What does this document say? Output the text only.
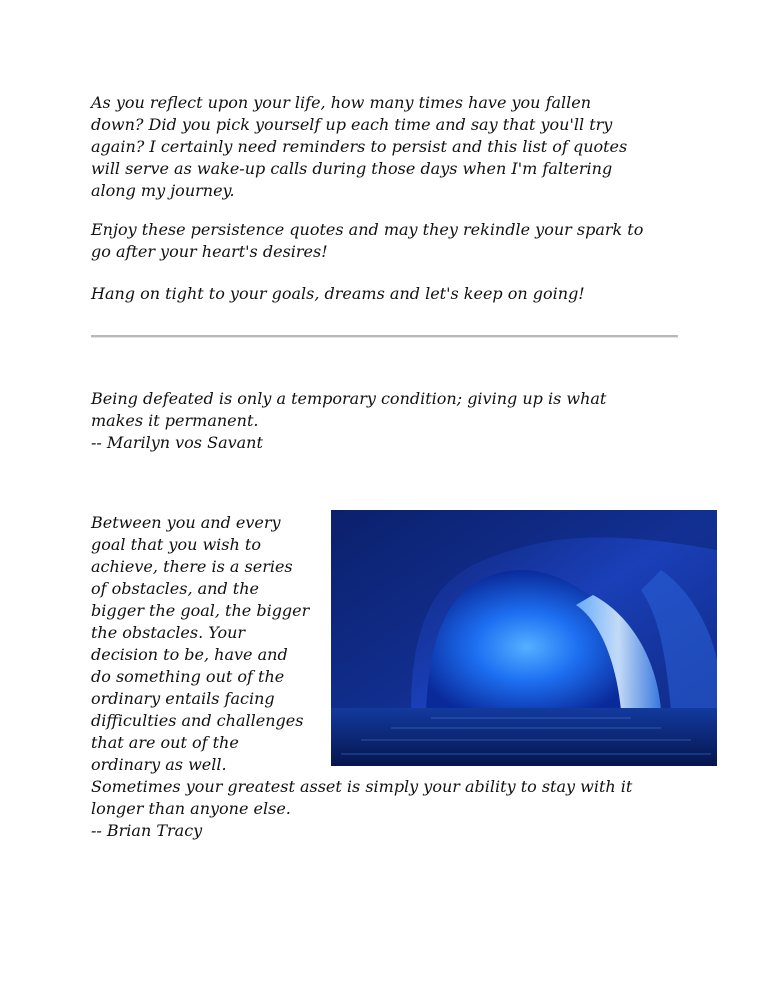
As you reflect upon your life, how many times have you fallen
down? Did you pick yourself up each time and say that you'll try
again? I certainly need reminders to persist and this list of quotes
will serve as wake-up calls during those days when I'm faltering
along my journey.

Enjoy these persistence quotes and may they rekindle your spark to
go after your heart's desires!

Hang on tight to your goals, dreams and let's keep on going!

Being defeated is only a temporary condition; giving up is what
makes it permanent.

-- Marilyn vos Savant

Between you and every
goal that you wish to
achieve, there is a series
of obstacles, and the
bigger the goal, the bigger
the obstacles. Your
decision to be, have and
do something out of the
ordinary entails facing
difficulties and challenges
that are out of the
ordinary as well.

Sometimes your greatest asset is simply your ability to stay with it
longer than anyone else.

-- Brian Tracy
